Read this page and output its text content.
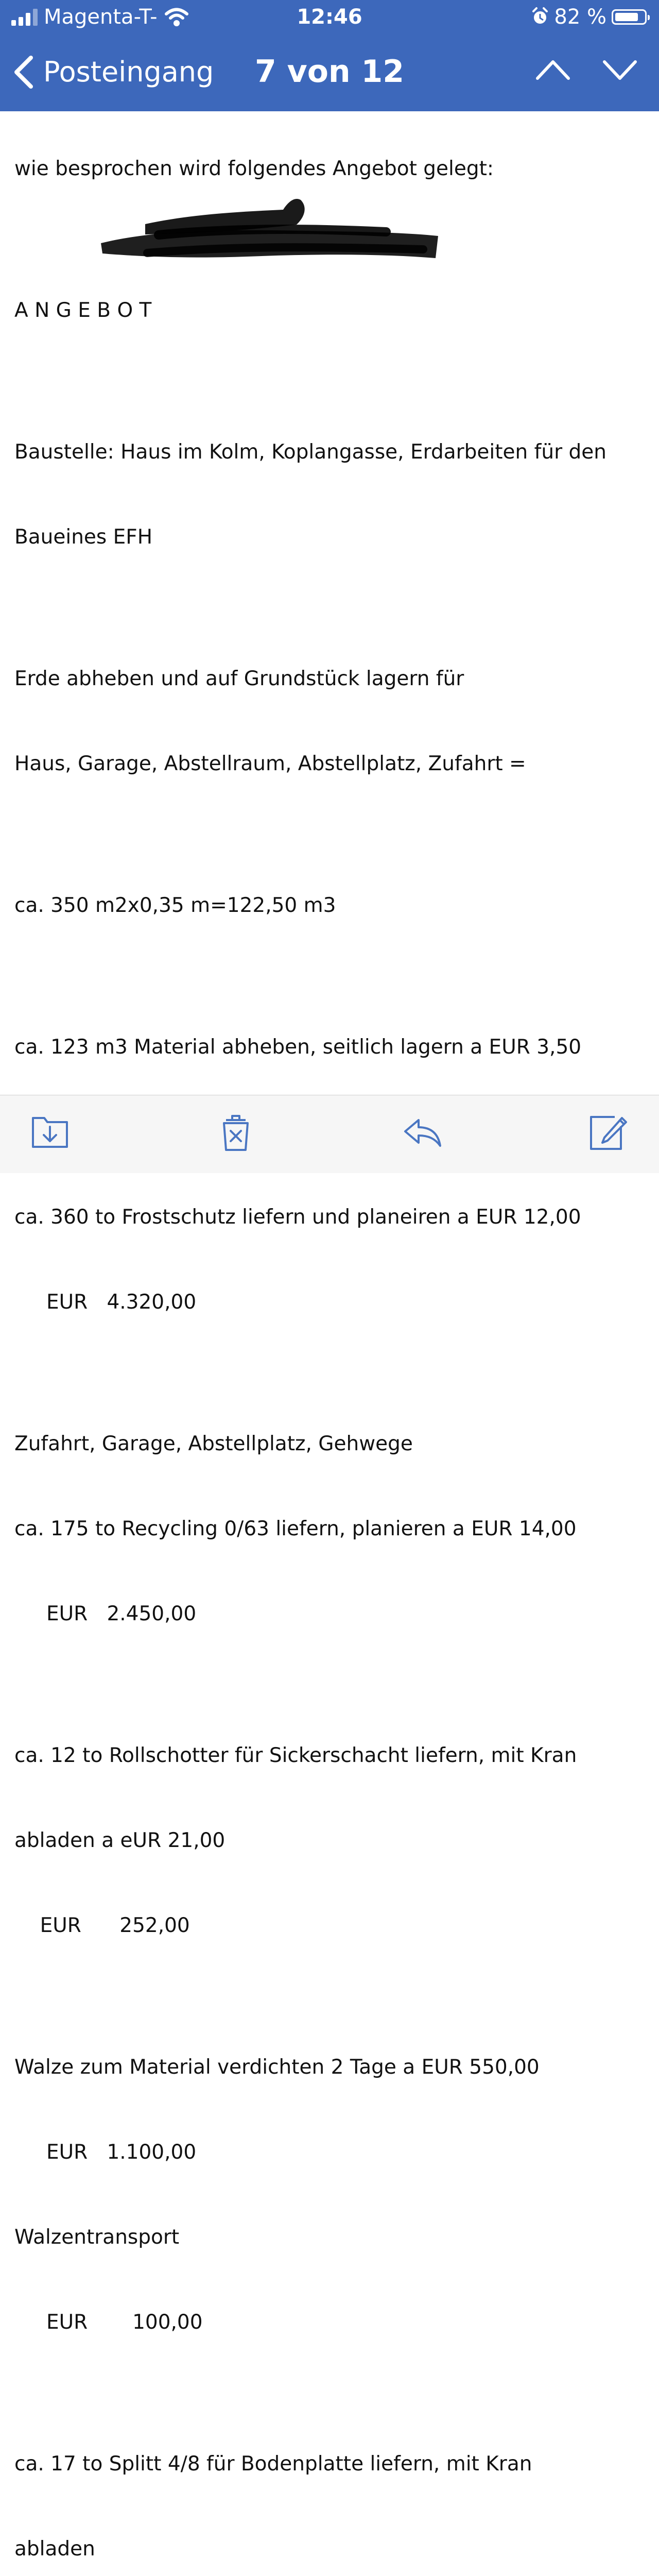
Magenta-T-	12:46	82 %
Posteingang	7 von 12

wie besprochen wird folgendes Angebot gelegt:

A N G E B O T

Baustelle: Haus im Kolm, Koplangasse, Erdarbeiten für den

Baueines EFH

Erde abheben und auf Grundstück lagern für

Haus, Garage, Abstellraum, Abstellplatz, Zufahrt =

ca. 350 m2x0,35 m=122,50 m3

ca. 123 m3 Material abheben, seitlich lagern a EUR 3,50

ca. 360 to Frostschutz liefern und planeiren a EUR 12,00

EUR   4.320,00

Zufahrt, Garage, Abstellplatz, Gehwege

ca. 175 to Recycling 0/63 liefern, planieren a EUR 14,00

EUR   2.450,00

ca. 12 to Rollschotter für Sickerschacht liefern, mit Kran

abladen a eUR 21,00

EUR      252,00

Walze zum Material verdichten 2 Tage a EUR 550,00

EUR   1.100,00

Walzentransport

EUR       100,00

ca. 17 to Splitt 4/8 für Bodenplatte liefern, mit Kran

abladen
